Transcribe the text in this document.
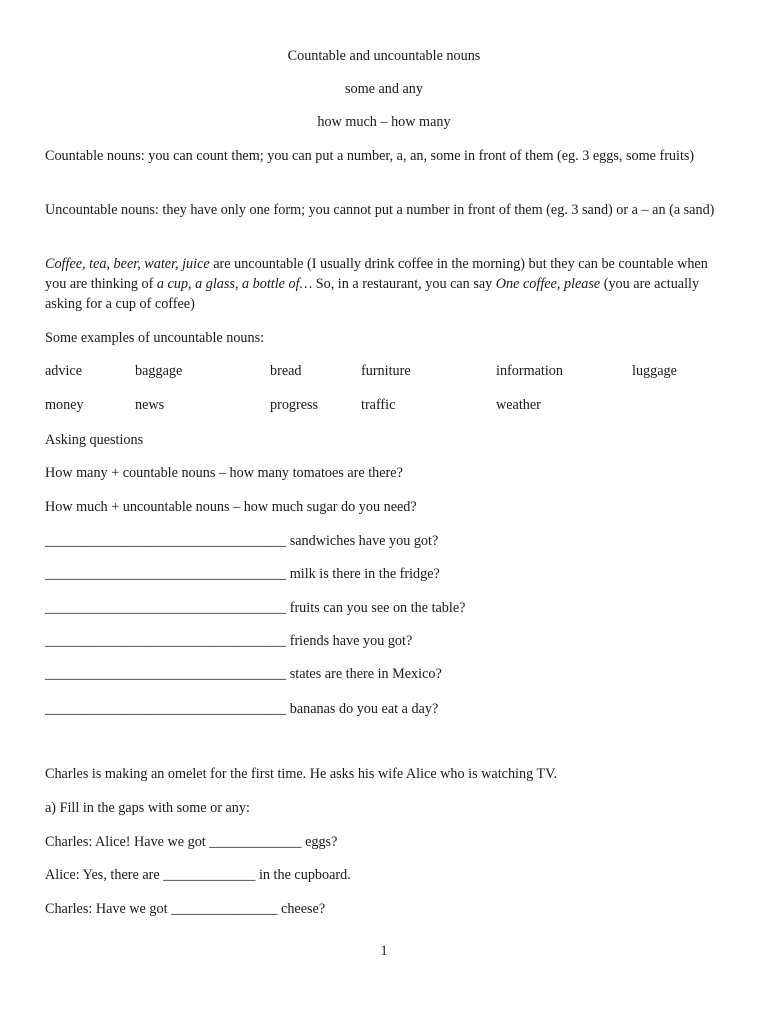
Countable and uncountable nouns
some and any
how much – how many
Countable nouns: you can count them; you can put a number, a, an, some in front of them (eg. 3 eggs, some fruits)
Uncountable nouns: they have only one form; you cannot put a number in front of them (eg. 3 sand) or a – an (a sand)
Coffee, tea, beer, water, juice are uncountable (I usually drink coffee in the morning) but they can be countable when you are thinking of a cup, a glass, a bottle of… So, in a restaurant, you can say One coffee, please (you are actually asking for a cup of coffee)
Some examples of uncountable nouns:
advice	baggage	bread	furniture	information	luggage
money	news	progress	traffic	weather
Asking questions
How many + countable nouns – how many tomatoes are there?
How much + uncountable nouns – how much sugar do you need?
__________________________________ sandwiches have you got?
__________________________________ milk is there in the fridge?
__________________________________ fruits can you see on the table?
__________________________________ friends have you got?
__________________________________ states are there in Mexico?
__________________________________ bananas do you eat a day?
Charles is making an omelet for the first time. He asks his wife Alice who is watching TV.
a) Fill in the gaps with some or any:
Charles: Alice! Have we got _____________ eggs?
Alice: Yes, there are _____________ in the cupboard.
Charles: Have we got _______________ cheese?
1
